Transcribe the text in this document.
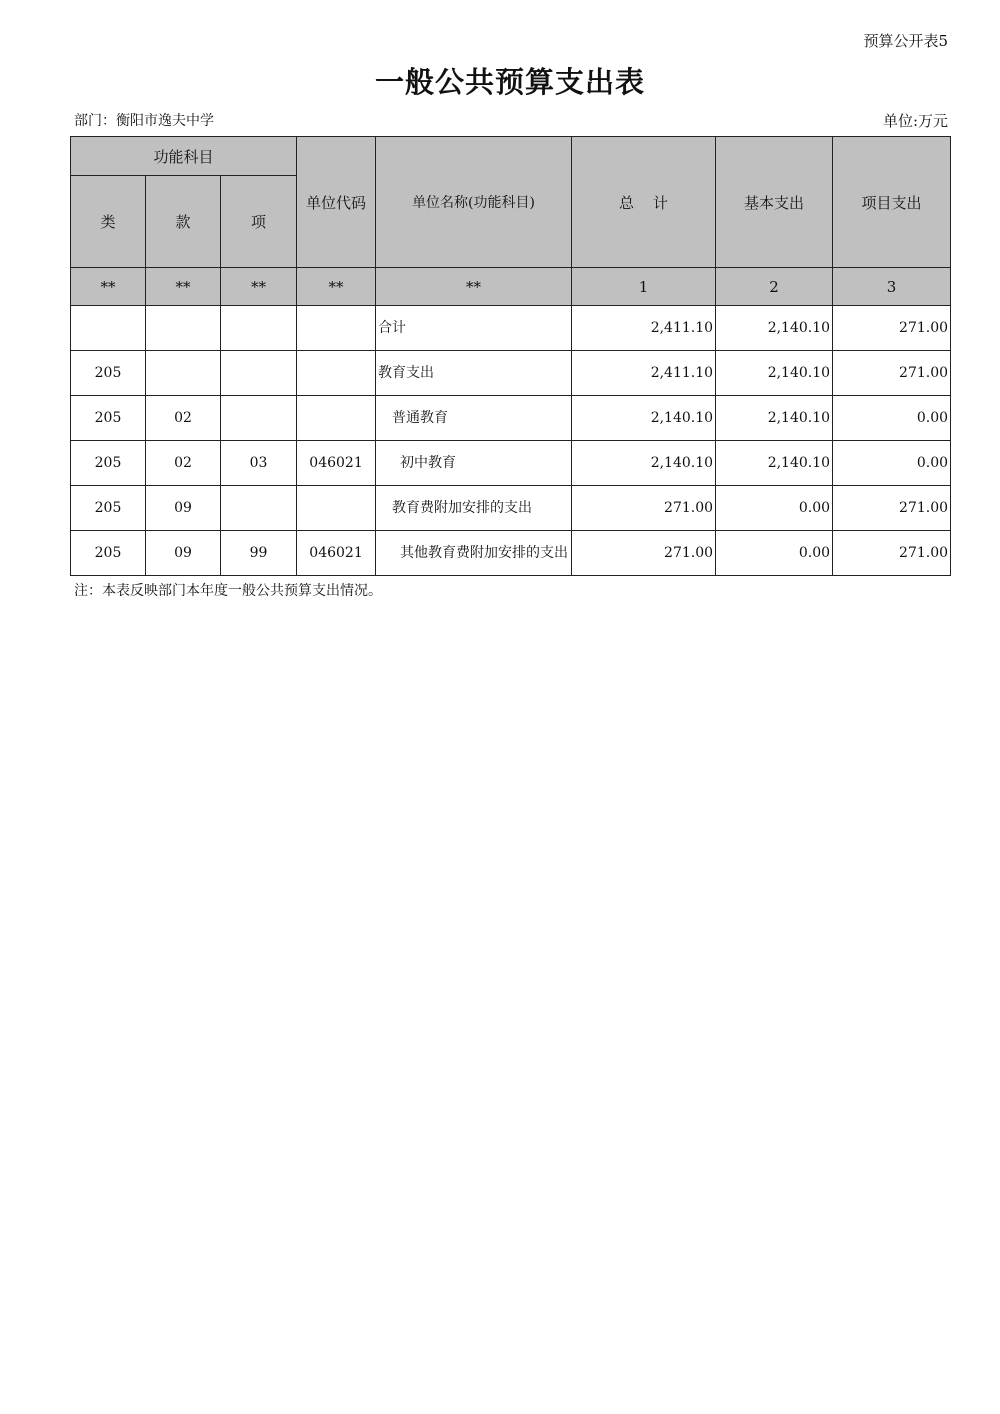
预算公开表5
一般公共预算支出表
部门：衡阳市逸夫中学	单位:万元
功能科目			单位代码	单位名称(功能科目)	总    计	基本支出	项目支出
类	款	项					
**	**	**	**	**	1	2	3
				合计	2,411.10	2,140.10	271.00
205				教育支出	2,411.10	2,140.10	271.00
205	02			普通教育	2,140.10	2,140.10	0.00
205	02	03	046021	初中教育	2,140.10	2,140.10	0.00
205	09			教育费附加安排的支出	271.00	0.00	271.00
205	09	99	046021	其他教育费附加安排的支出	271.00	0.00	271.00
注：本表反映部门本年度一般公共预算支出情况。
